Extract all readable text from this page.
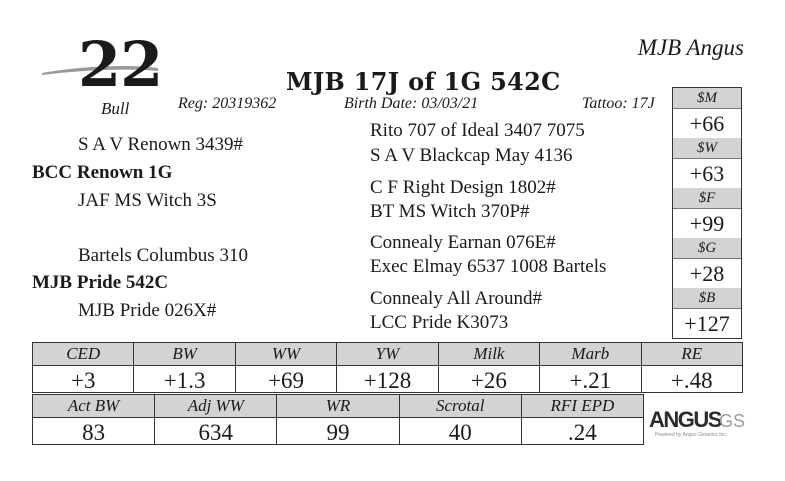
22
Bull
MJB Angus
MJB 17J of 1G 542C
Reg: 20319362	Birth Date: 03/03/21	Tattoo: 17J
S A V Renown 3439#
BCC Renown 1G
JAF MS Witch 3S
Bartels Columbus 310
MJB Pride 542C
MJB Pride 026X#
Rito 707 of Ideal 3407 7075
S A V Blackcap May 4136
C F Right Design 1802#
BT MS Witch 370P#
Connealy Earnan 076E#
Exec Elmay 6537 1008 Bartels
Connealy All Around#
LCC Pride K3073
$M
+66
$W
+63
$F
+99
$G
+28
$B
+127
CED
+3
BW
+1.3
WW
+69
YW
+128
Milk
+26
Marb
+.21
RE
+.48
Act BW
83
Adj WW
634
WR
99
Scrotal
40
RFI EPD
.24
ANGUS
GS
Powered by Angus Genetics Inc.
